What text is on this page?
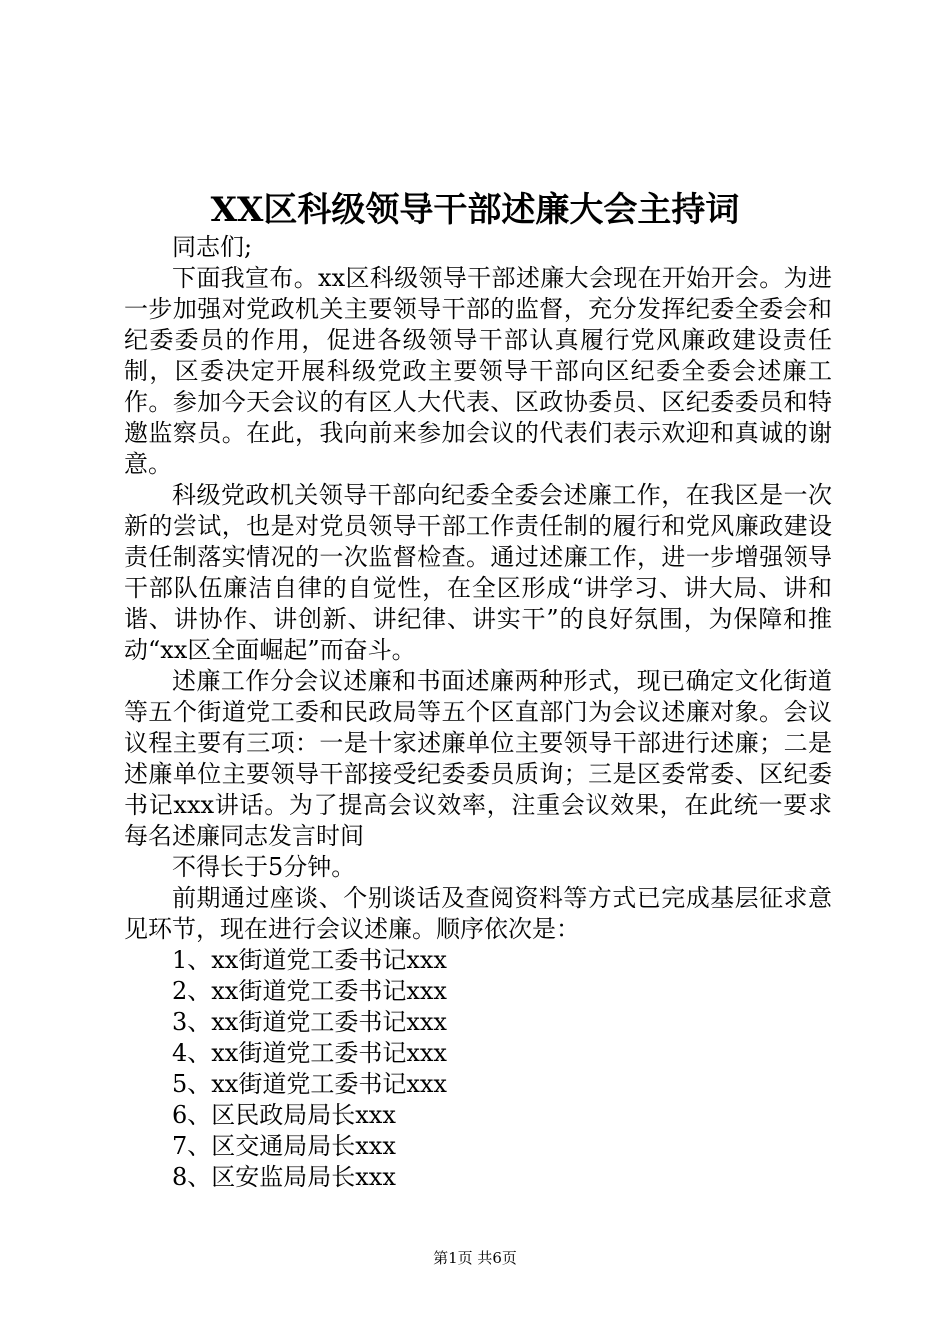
XX区科级领导干部述廉大会主持词

同志们;

下面我宣布。xx区科级领导干部述廉大会现在开始开会。为进一步加强对党政机关主要领导干部的监督，充分发挥纪委全委会和纪委委员的作用，促进各级领导干部认真履行党风廉政建设责任制，区委决定开展科级党政主要领导干部向区纪委全委会述廉工作。参加今天会议的有区人大代表、区政协委员、区纪委委员和特邀监察员。在此，我向前来参加会议的代表们表示欢迎和真诚的谢意。

科级党政机关领导干部向纪委全委会述廉工作，在我区是一次新的尝试，也是对党员领导干部工作责任制的履行和党风廉政建设责任制落实情况的一次监督检查。通过述廉工作，进一步增强领导干部队伍廉洁自律的自觉性，在全区形成“讲学习、讲大局、讲和谐、讲协作、讲创新、讲纪律、讲实干”的良好氛围，为保障和推动“xx区全面崛起”而奋斗。

述廉工作分会议述廉和书面述廉两种形式，现已确定文化街道等五个街道党工委和民政局等五个区直部门为会议述廉对象。会议议程主要有三项：一是十家述廉单位主要领导干部进行述廉；二是述廉单位主要领导干部接受纪委委员质询；三是区委常委、区纪委书记xxx讲话。为了提高会议效率，注重会议效果，在此统一要求每名述廉同志发言时间

不得长于5分钟。

前期通过座谈、个别谈话及查阅资料等方式已完成基层征求意见环节，现在进行会议述廉。顺序依次是：

1、xx街道党工委书记xxx

2、xx街道党工委书记xxx

3、xx街道党工委书记xxx

4、xx街道党工委书记xxx

5、xx街道党工委书记xxx

6、区民政局局长xxx

7、区交通局局长xxx

8、区安监局局长xxx

第1页 共6页
